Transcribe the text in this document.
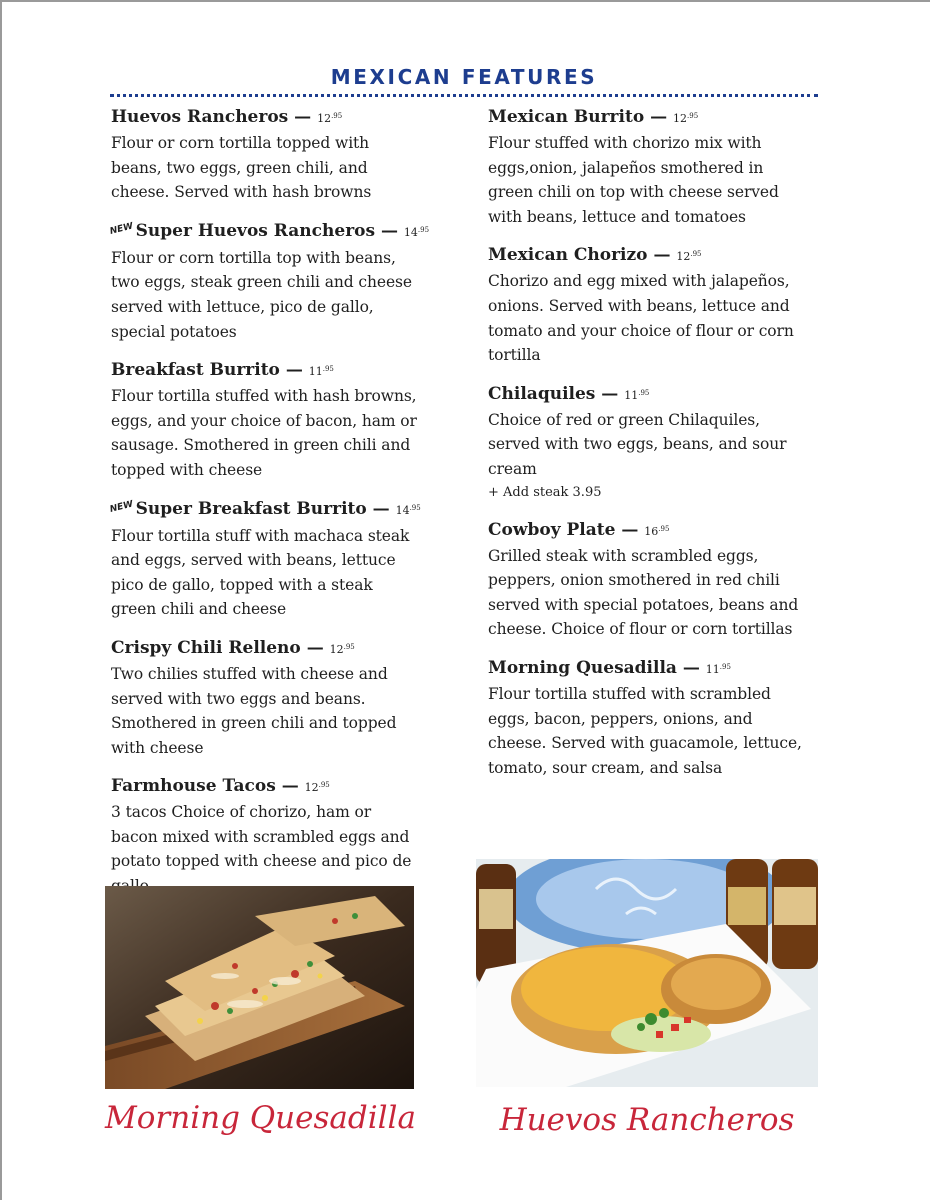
MEXICAN FEATURES
Huevos Rancheros — $12^{.95}$
Flour or corn tortilla topped with beans, two eggs, green chili, and cheese. Served with hash browns
NEWSuper Huevos Rancheros — $14^{.95}$
Flour or corn tortilla top with beans, two eggs, steak green chili and cheese served with lettuce, pico de gallo, special potatoes
Breakfast Burrito — $11^{.95}$
Flour tortilla stuffed with hash browns, eggs, and your choice of bacon, ham or sausage. Smothered in green chili and topped with cheese
NEWSuper Breakfast Burrito — $14^{.95}$
Flour tortilla stuff with machaca steak and eggs, served with beans, lettuce pico de gallo, topped with a steak green chili and cheese
Crispy Chili Relleno — $12^{.95}$
Two chilies stuffed with cheese and served with two eggs and beans. Smothered in green chili and topped with cheese
Farmhouse Tacos — $12^{.95}$
3 tacos Choice of chorizo, ham or bacon mixed with scrambled eggs and potato topped with cheese and pico de
Mexican Burrito — $12^{.95}$
Flour stuffed with chorizo mix with eggs,onion, jalapeños smothered in green chili on top with cheese served with beans, lettuce and tomatoes
Mexican Chorizo — $12^{.95}$
Chorizo and egg mixed with jalapeños, onions. Served with beans, lettuce and tomato and your choice of flour or corn tortilla
Chilaquiles — $11^{.95}$
Choice of red or green Chilaquiles, served with two eggs, beans, and sour cream
+ Add steak 3.95
Cowboy Plate — $16^{.95}$
Grilled steak with scrambled eggs, peppers, onion smothered in red chili served with special potatoes, beans and cheese. Choice of flour or corn tortillas
Morning Quesadilla — $11^{.95}$
Flour tortilla stuffed with scrambled eggs, bacon, peppers, onions, and cheese. Served with guacamole, lettuce, tomato, sour cream, and salsa
Morning Quesadilla	Huevos Rancheros
